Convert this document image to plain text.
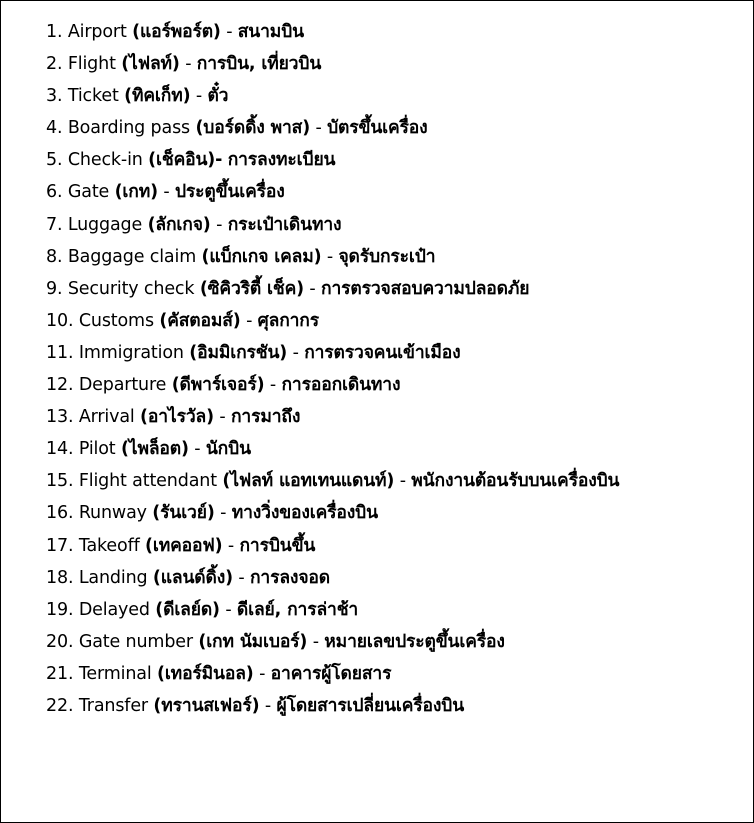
1. Airport (แอร์พอร์ต) - สนามบิน
2. Flight (ไฟลท์) - การบิน, เที่ยวบิน
3. Ticket (ทิคเก็ท) - ตั๋ว
4. Boarding pass (บอร์ดดิ้ง พาส) - บัตรขึ้นเครื่อง
5. Check-in (เช็คอิน)- การลงทะเบียน
6. Gate (เกท) - ประตูขึ้นเครื่อง
7. Luggage (ลักเกจ) - กระเป๋าเดินทาง
8. Baggage claim (แบ็กเกจ เคลม) - จุดรับกระเป๋า
9. Security check (ซิคิวริตี้ เช็ค) - การตรวจสอบความปลอดภัย
10. Customs (คัสตอมส์) - ศุลกากร
11. Immigration (อิมมิเกรชัน) - การตรวจคนเข้าเมือง
12. Departure (ดีพาร์เจอร์) - การออกเดินทาง
13. Arrival (อาไรวัล) - การมาถึง
14. Pilot (ไพล็อต) - นักบิน
15. Flight attendant (ไฟลท์ แอทเทนแดนท์) - พนักงานต้อนรับบนเครื่องบิน
16. Runway (รันเวย์) - ทางวิ่งของเครื่องบิน
17. Takeoff (เทคออฟ) - การบินขึ้น
18. Landing (แลนด์ดิ้ง) - การลงจอด
19. Delayed (ดีเลย์ด) - ดีเลย์, การล่าช้า
20. Gate number (เกท นัมเบอร์) - หมายเลขประตูขึ้นเครื่อง
21. Terminal (เทอร์มินอล) - อาคารผู้โดยสาร
22. Transfer (ทรานสเฟอร์) - ผู้โดยสารเปลี่ยนเครื่องบิน
